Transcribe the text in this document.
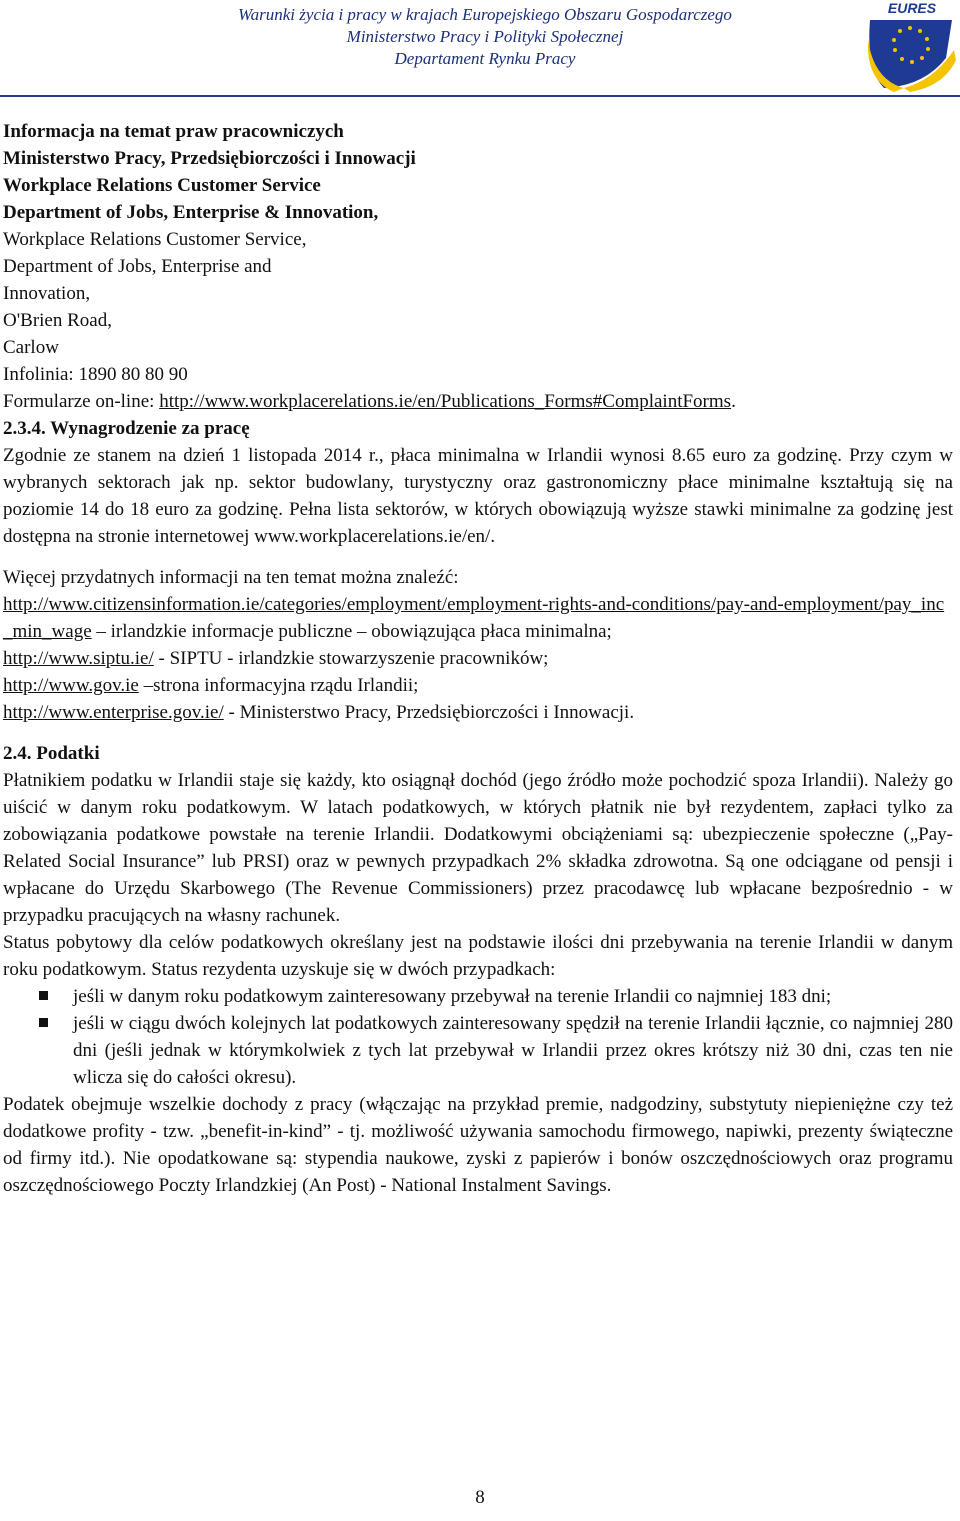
Warunki życia i pracy w krajach Europejskiego Obszaru Gospodarczego
Ministerstwo Pracy i Polityki Społecznej
Departament Rynku Pracy
EURES
Informacja na temat praw pracowniczych
Ministerstwo Pracy, Przedsiębiorczości i Innowacji
Workplace Relations Customer Service
Department of Jobs, Enterprise & Innovation,
Workplace Relations Customer Service,
Department of Jobs, Enterprise and
Innovation,
O'Brien Road,
Carlow
Infolinia: 1890 80 80 90
Formularze on-line: http://www.workplacerelations.ie/en/Publications_Forms#ComplaintForms.
2.3.4. Wynagrodzenie za pracę

Zgodnie ze stanem na dzień 1 listopada 2014 r., płaca minimalna w Irlandii wynosi 8.65 euro za godzinę. Przy czym w wybranych sektorach jak np. sektor budowlany, turystyczny oraz gastronomiczny płace minimalne kształtują się na poziomie 14 do 18 euro za godzinę. Pełna lista sektorów, w których obowiązują wyższe stawki minimalne za godzinę jest dostępna na stronie internetowej www.workplacerelations.ie/en/.

Więcej przydatnych informacji na ten temat można znaleźć:

http://www.citizensinformation.ie/categories/employment/employment-rights-and-conditions/pay-and-employment/pay_inc_min_wage – irlandzkie informacje publiczne – obowiązująca płaca minimalna;

http://www.siptu.ie/ - SIPTU - irlandzkie stowarzyszenie pracowników;

http://www.gov.ie –strona informacyjna rządu Irlandii;

http://www.enterprise.gov.ie/ - Ministerstwo Pracy, Przedsiębiorczości i Innowacji.

2.4. Podatki

Płatnikiem podatku w Irlandii staje się każdy, kto osiągnął dochód (jego źródło może pochodzić spoza Irlandii). Należy go uiścić w danym roku podatkowym. W latach podatkowych, w których płatnik nie był rezydentem, zapłaci tylko za zobowiązania podatkowe powstałe na terenie Irlandii. Dodatkowymi obciążeniami są: ubezpieczenie społeczne („Pay-Related Social Insurance” lub PRSI) oraz w pewnych przypadkach 2% składka zdrowotna. Są one odciągane od pensji i wpłacane do Urzędu Skarbowego (The Revenue Commissioners) przez pracodawcę lub wpłacane bezpośrednio - w przypadku pracujących na własny rachunek.

Status pobytowy dla celów podatkowych określany jest na podstawie ilości dni przebywania na terenie Irlandii w danym roku podatkowym. Status rezydenta uzyskuje się w dwóch przypadkach:

jeśli w danym roku podatkowym zainteresowany przebywał na terenie Irlandii co najmniej 183 dni;
jeśli w ciągu dwóch kolejnych lat podatkowych zainteresowany spędził na terenie Irlandii łącznie, co najmniej 280 dni (jeśli jednak w którymkolwiek z tych lat przebywał w Irlandii przez okres krótszy niż 30 dni, czas ten nie wlicza się do całości okresu).

Podatek obejmuje wszelkie dochody z pracy (włączając na przykład premie, nadgodziny, substytuty niepieniężne czy też dodatkowe profity - tzw. „benefit-in-kind” - tj. możliwość używania samochodu firmowego, napiwki, prezenty świąteczne od firmy itd.). Nie opodatkowane są: stypendia naukowe, zyski z papierów i bonów oszczędnościowych oraz programu oszczędnościowego Poczty Irlandzkiej (An Post) - National Instalment Savings.

8
